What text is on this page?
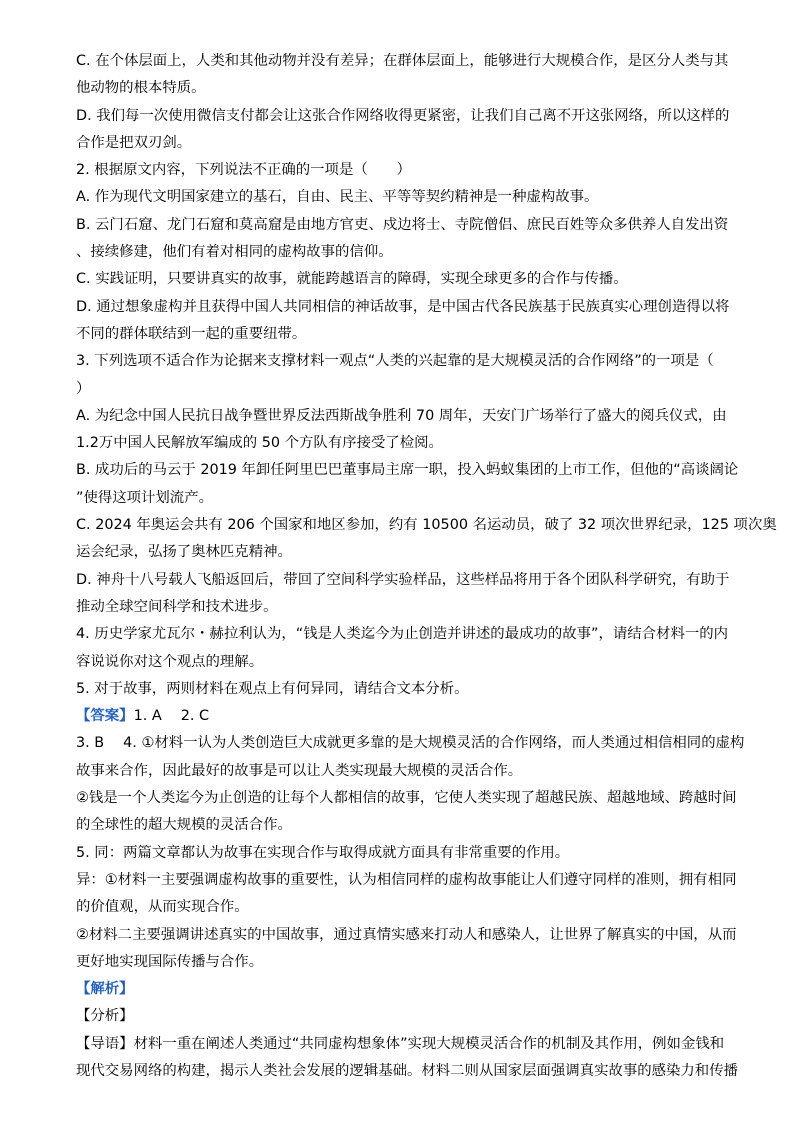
C. 在个体层面上，人类和其他动物并没有差异；在群体层面上，能够进行大规模合作，是区分人类与其
他动物的根本特质。
D. 我们每一次使用微信支付都会让这张合作网络收得更紧密，让我们自己离不开这张网络，所以这样的
合作是把双刃剑。
2. 根据原文内容，下列说法不正确的一项是（　　）
A. 作为现代文明国家建立的基石，自由、民主、平等等契约精神是一种虚构故事。
B. 云门石窟、龙门石窟和莫高窟是由地方官吏、戍边将士、寺院僧侣、庶民百姓等众多供养人自发出资
、接续修建，他们有着对相同的虚构故事的信仰。
C. 实践证明，只要讲真实的故事，就能跨越语言的障碍，实现全球更多的合作与传播。
D. 通过想象虚构并且获得中国人共同相信的神话故事，是中国古代各民族基于民族真实心理创造得以将
不同的群体联结到一起的重要纽带。
3. 下列选项不适合作为论据来支撑材料一观点“人类的兴起靠的是大规模灵活的合作网络”的一项是（
）
A. 为纪念中国人民抗日战争暨世界反法西斯战争胜利 70 周年，天安门广场举行了盛大的阅兵仪式，由
1.2万中国人民解放军编成的 50 个方队有序接受了检阅。
B. 成功后的马云于 2019 年卸任阿里巴巴董事局主席一职，投入蚂蚁集团的上市工作，但他的“高谈阔论
”使得这项计划流产。
C. 2024 年奥运会共有 206 个国家和地区参加，约有 10500 名运动员，破了 32 项次世界纪录，125 项次奥
运会纪录，弘扬了奥林匹克精神。
D. 神舟十八号载人飞船返回后，带回了空间科学实验样品，这些样品将用于各个团队科学研究，有助于
推动全球空间科学和技术进步。
4. 历史学家尤瓦尔・赫拉利认为，“钱是人类迄今为止创造并讲述的最成功的故事”，请结合材料一的内
容说说你对这个观点的理解。
5. 对于故事，两则材料在观点上有何异同，请结合文本分析。
【答案】1. A　 2. C
3. B　 4. ①材料一认为人类创造巨大成就更多靠的是大规模灵活的合作网络，而人类通过相信相同的虚构
故事来合作，因此最好的故事是可以让人类实现最大规模的灵活合作。
②钱是一个人类迄今为止创造的让每个人都相信的故事，它使人类实现了超越民族、超越地域、跨越时间
的全球性的超大规模的灵活合作。
5. 同：两篇文章都认为故事在实现合作与取得成就方面具有非常重要的作用。
异：①材料一主要强调虚构故事的重要性，认为相信同样的虚构故事能让人们遵守同样的准则，拥有相同
的价值观，从而实现合作。
②材料二主要强调讲述真实的中国故事，通过真情实感来打动人和感染人，让世界了解真实的中国，从而
更好地实现国际传播与合作。
【解析】
【分析】
【导语】材料一重在阐述人类通过“共同虚构想象体”实现大规模灵活合作的机制及其作用，例如金钱和
现代交易网络的构建，揭示人类社会发展的逻辑基础。材料二则从国家层面强调真实故事的感染力和传播
